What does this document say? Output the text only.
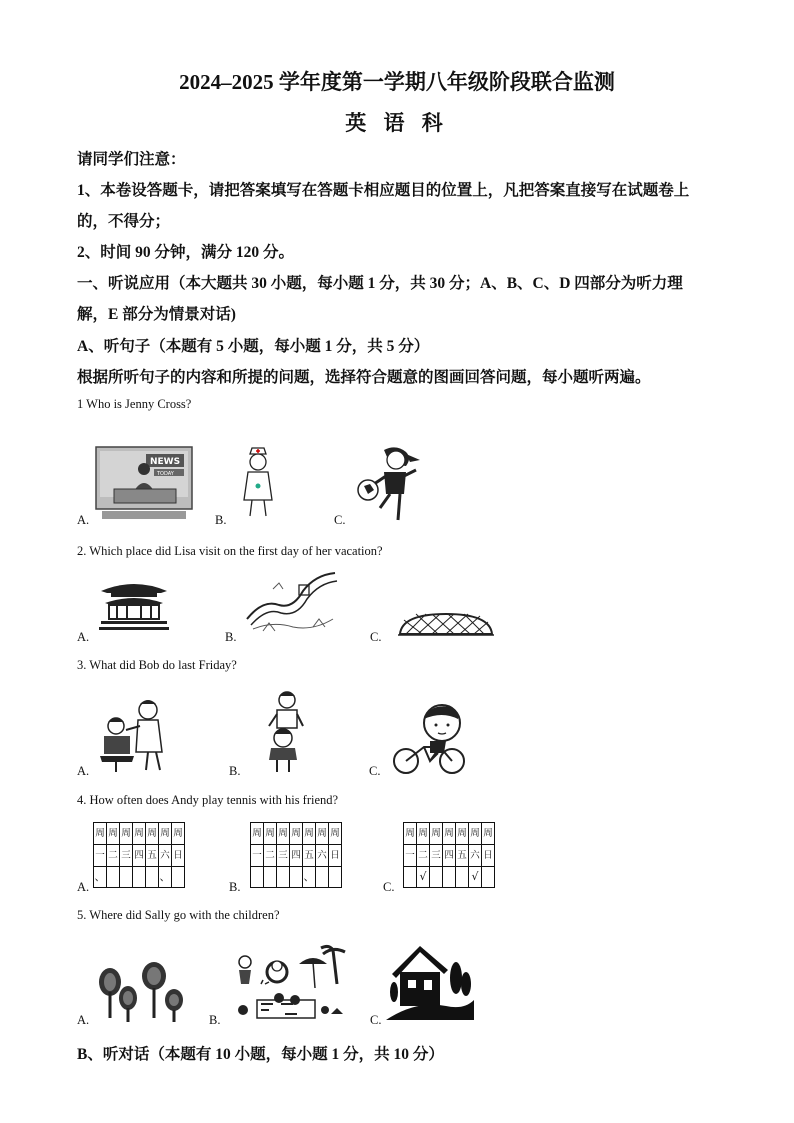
2024–2025 学年度第一学期八年级阶段联合监测
英 语 科
请同学们注意：
1、本卷设答题卡，请把答案填写在答题卡相应题目的位置上，凡把答案直接写在试题卷上
的，不得分；
2、时间 90 分钟，满分 120 分。
一、听说应用（本大题共 30 小题，每小题 1 分，共 30 分；A、B、C、D 四部分为听力理
解，E 部分为情景对话)
A、听句子（本题有 5 小题，每小题 1 分，共 5 分）
根据所听句子的内容和所提的问题，选择符合题意的图画回答问题，每小题听两遍。
1 Who is Jenny Cross?
A.
NEWS
TODAY
B.	C.
2. Which place did Lisa visit on the first day of her vacation?
A.	B.	C.
3. What did Bob do last Friday?
A.	B.	C.
4. How often does Andy play tennis with his friend?
A.
周	周	周	周	周	周	周
一	二	三	四	五	六	日
、					、	
B.
周	周	周	周	周	周	周
一	二	三	四	五	六	日
				、		
C.
周	周	周	周	周	周	周
一	二	三	四	五	六	日
	√				√	
5. Where did Sally go with the children?
A.	B.	C.
B、听对话（本题有 10 小题，每小题 1 分，共 10 分）
